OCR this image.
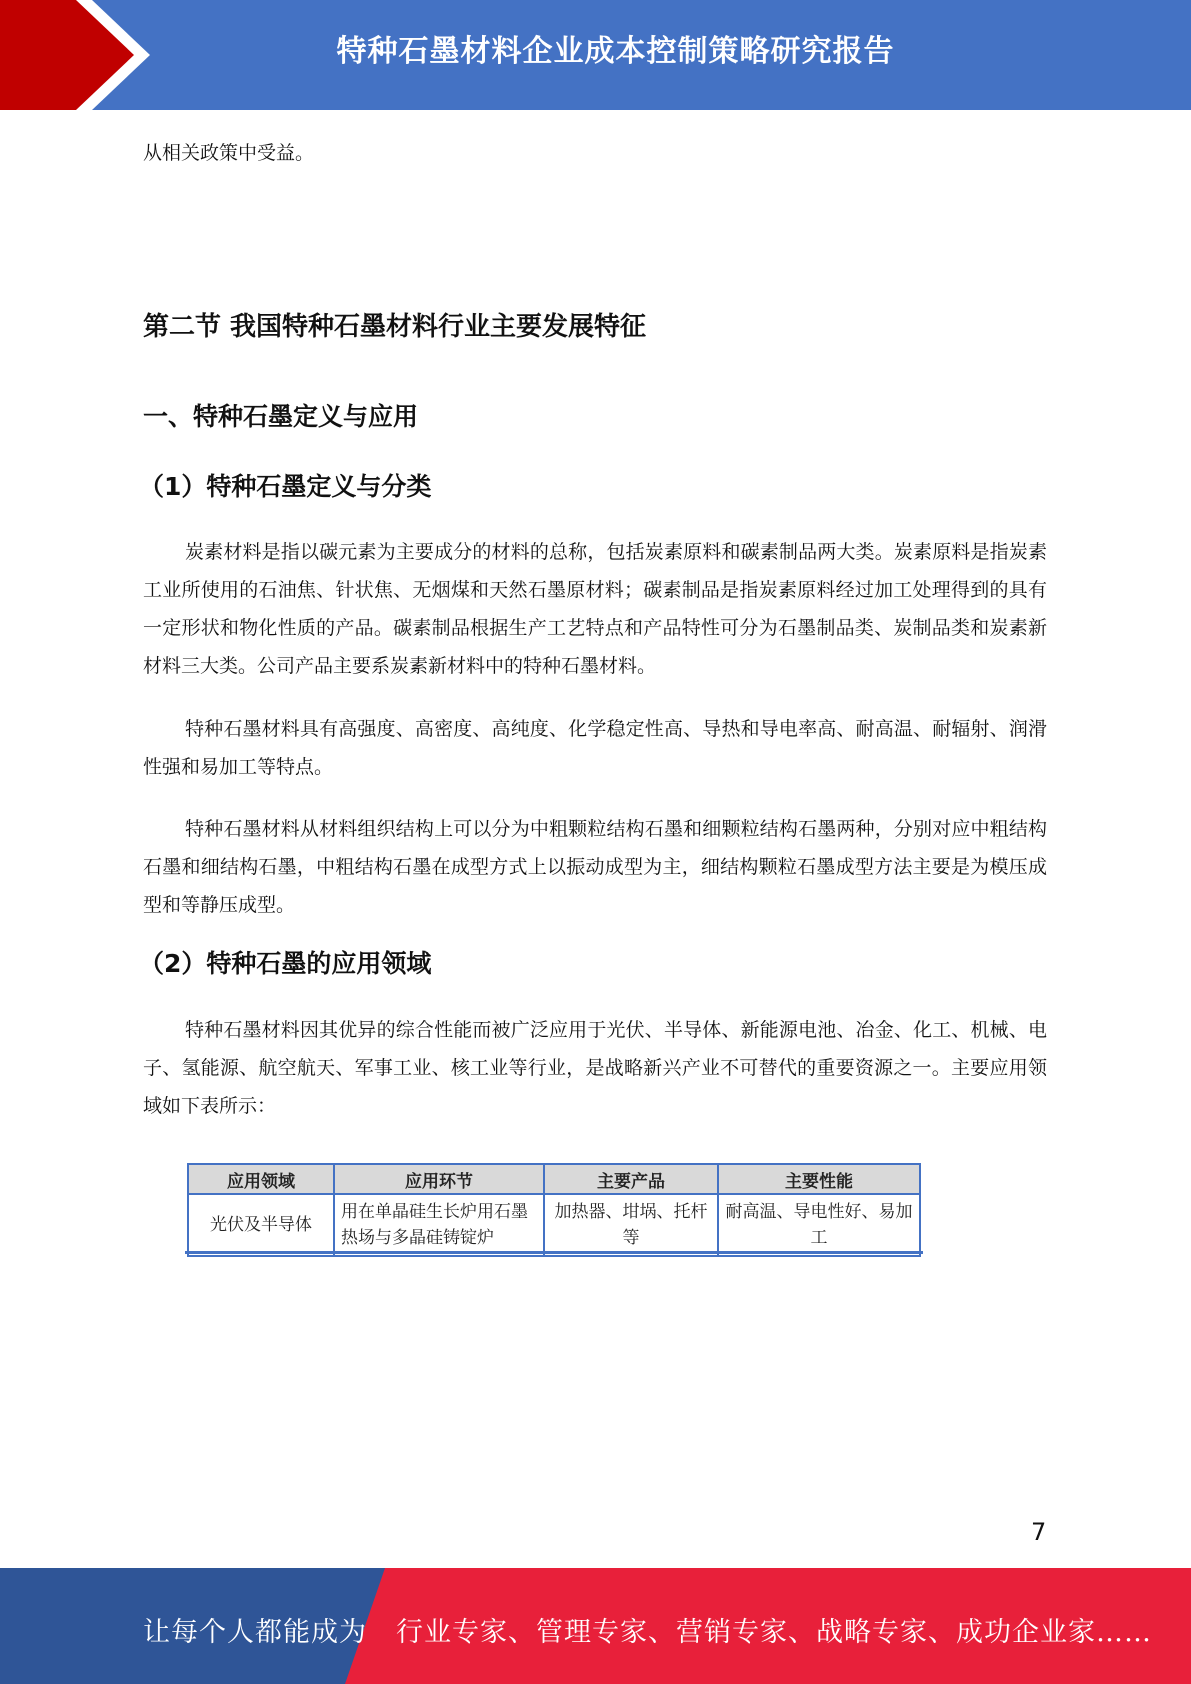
特种石墨材料企业成本控制策略研究报告

从相关政策中受益。

第二节 我国特种石墨材料行业主要发展特征
一、特种石墨定义与应用
（1）特种石墨定义与分类

炭素材料是指以碳元素为主要成分的材料的总称，包括炭素原料和碳素制品两大类。炭素原料是指炭素工业所使用的石油焦、针状焦、无烟煤和天然石墨原材料；碳素制品是指炭素原料经过加工处理得到的具有一定形状和物化性质的产品。碳素制品根据生产工艺特点和产品特性可分为石墨制品类、炭制品类和炭素新材料三大类。公司产品主要系炭素新材料中的特种石墨材料。

特种石墨材料具有高强度、高密度、高纯度、化学稳定性高、导热和导电率高、耐高温、耐辐射、润滑性强和易加工等特点。

特种石墨材料从材料组织结构上可以分为中粗颗粒结构石墨和细颗粒结构石墨两种，分别对应中粗结构石墨和细结构石墨，中粗结构石墨在成型方式上以振动成型为主，细结构颗粒石墨成型方法主要是为模压成型和等静压成型。

（2）特种石墨的应用领域

特种石墨材料因其优异的综合性能而被广泛应用于光伏、半导体、新能源电池、冶金、化工、机械、电子、氢能源、航空航天、军事工业、核工业等行业，是战略新兴产业不可替代的重要资源之一。主要应用领域如下表所示：

应用领域	应用环节	主要产品	主要性能
光伏及半导体	用在单晶硅生长炉用石墨热场与多晶硅铸锭炉	加热器、坩埚、托杆等	耐高温、导电性好、易加工
7
让每个人都能成为 行业专家、管理专家、营销专家、战略专家、成功企业家……
